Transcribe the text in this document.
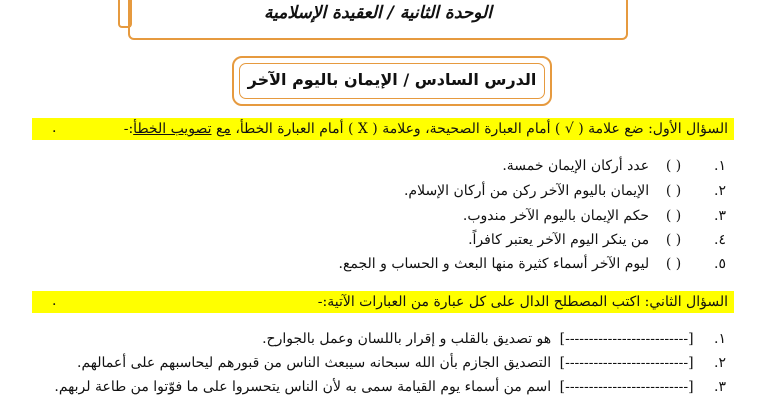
الوحدة الثانية / العقيدة الإسلامية
الدرس السادس / الإيمان باليوم الآخر
السؤال الأول: ضع علامة ( √ ) أمام العبارة الصحيحة، وعلامة ( X ) أمام العبارة الخطأ، مع تصويب الخطأ:-
.
١. ( ) عدد أركان الإيمان خمسة.
٢. ( ) الإيمان باليوم الآخر ركن من أركان الإسلام.
٣. ( ) حكم الإيمان باليوم الآخر مندوب.
٤. ( ) من ينكر اليوم الآخر يعتبر كافراً.
٥. ( ) ليوم الآخر أسماء كثيرة منها البعث و الحساب و الجمع.
السؤال الثاني: اكتب المصطلح الدال على كل عبارة من العبارات الآتية:-
.
١. [--------------------------] هو تصديق بالقلب و إقرار باللسان وعمل بالجوارح.
٢. [--------------------------] التصديق الجازم بأن الله سبحانه سيبعث الناس من قبورهم ليحاسبهم على أعمالهم.
٣. [--------------------------] اسم من أسماء يوم القيامة سمى به لأن الناس يتحسروا على ما فوّتوا من طاعة لربهم.
